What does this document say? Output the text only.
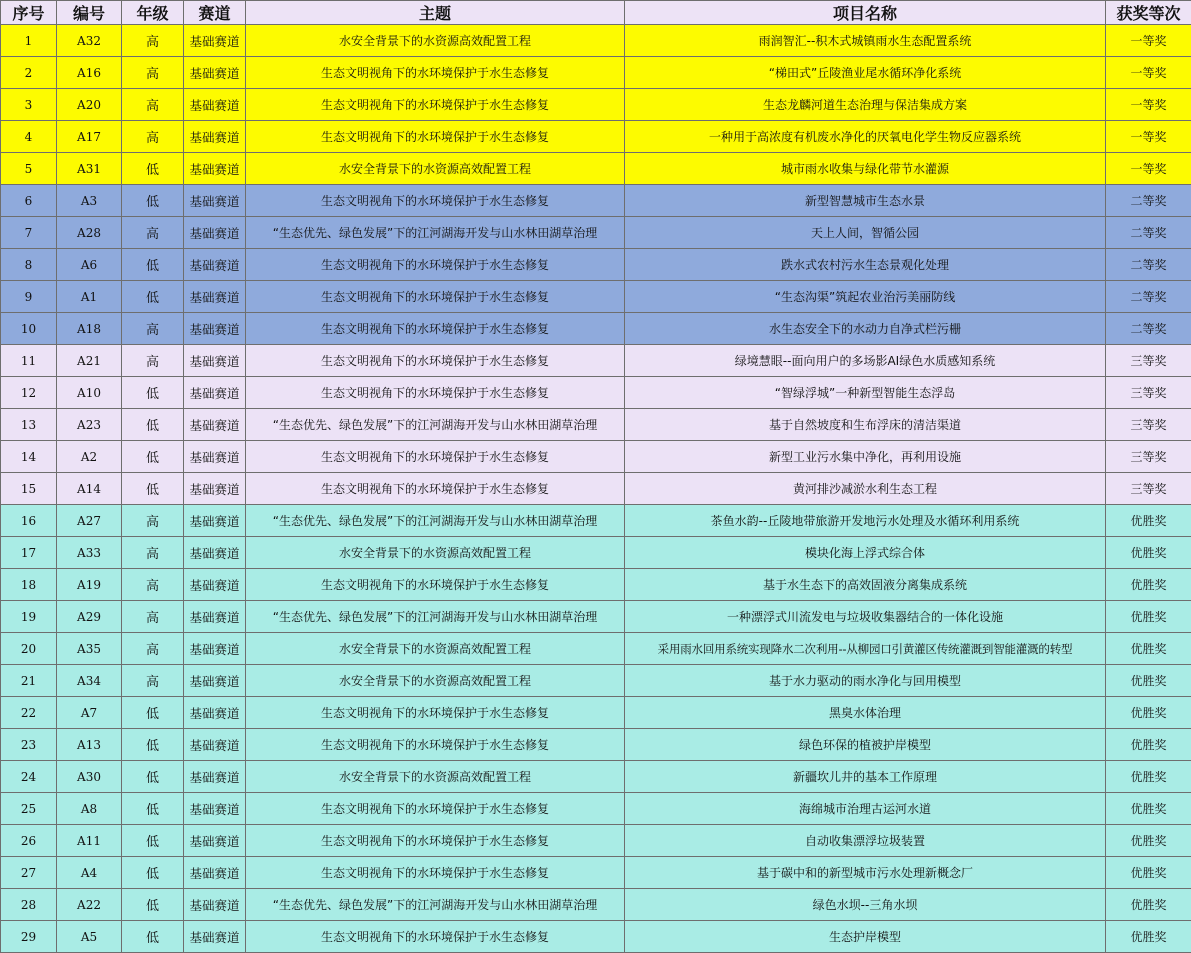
序号	编号	年级	赛道	主题	项目名称	获奖等次
1	A32	高	基础赛道	水安全背景下的水资源高效配置工程	雨润智汇--积木式城镇雨水生态配置系统	一等奖
2	A16	高	基础赛道	生态文明视角下的水环境保护于水生态修复	“梯田式”丘陵渔业尾水循环净化系统	一等奖
3	A20	高	基础赛道	生态文明视角下的水环境保护于水生态修复	生态龙麟河道生态治理与保洁集成方案	一等奖
4	A17	高	基础赛道	生态文明视角下的水环境保护于水生态修复	一种用于高浓度有机废水净化的厌氧电化学生物反应器系统	一等奖
5	A31	低	基础赛道	水安全背景下的水资源高效配置工程	城市雨水收集与绿化带节水灌源	一等奖
6	A3	低	基础赛道	生态文明视角下的水环境保护于水生态修复	新型智慧城市生态水景	二等奖
7	A28	高	基础赛道	“生态优先、绿色发展”下的江河湖海开发与山水林田湖草治理	天上人间，智循公园	二等奖
8	A6	低	基础赛道	生态文明视角下的水环境保护于水生态修复	跌水式农村污水生态景观化处理	二等奖
9	A1	低	基础赛道	生态文明视角下的水环境保护于水生态修复	“生态沟渠”筑起农业治污美丽防线	二等奖
10	A18	高	基础赛道	生态文明视角下的水环境保护于水生态修复	水生态安全下的水动力自净式栏污栅	二等奖
11	A21	高	基础赛道	生态文明视角下的水环境保护于水生态修复	绿境慧眼--面向用户的多场影AI绿色水质感知系统	三等奖
12	A10	低	基础赛道	生态文明视角下的水环境保护于水生态修复	“智绿浮城”一种新型智能生态浮岛	三等奖
13	A23	低	基础赛道	“生态优先、绿色发展”下的江河湖海开发与山水林田湖草治理	基于自然坡度和生布浮床的清洁渠道	三等奖
14	A2	低	基础赛道	生态文明视角下的水环境保护于水生态修复	新型工业污水集中净化，再利用设施	三等奖
15	A14	低	基础赛道	生态文明视角下的水环境保护于水生态修复	黄河排沙减淤水利生态工程	三等奖
16	A27	高	基础赛道	“生态优先、绿色发展”下的江河湖海开发与山水林田湖草治理	茶鱼水韵--丘陵地带旅游开发地污水处理及水循环利用系统	优胜奖
17	A33	高	基础赛道	水安全背景下的水资源高效配置工程	模块化海上浮式综合体	优胜奖
18	A19	高	基础赛道	生态文明视角下的水环境保护于水生态修复	基于水生态下的高效固液分离集成系统	优胜奖
19	A29	高	基础赛道	“生态优先、绿色发展”下的江河湖海开发与山水林田湖草治理	一种漂浮式川流发电与垃圾收集器结合的一体化设施	优胜奖
20	A35	高	基础赛道	水安全背景下的水资源高效配置工程	采用雨水回用系统实现降水二次利用--从柳园口引黄灌区传统灌溉到智能灌溉的转型	优胜奖
21	A34	高	基础赛道	水安全背景下的水资源高效配置工程	基于水力驱动的雨水净化与回用模型	优胜奖
22	A7	低	基础赛道	生态文明视角下的水环境保护于水生态修复	黑臭水体治理	优胜奖
23	A13	低	基础赛道	生态文明视角下的水环境保护于水生态修复	绿色环保的植被护岸模型	优胜奖
24	A30	低	基础赛道	水安全背景下的水资源高效配置工程	新疆坎儿井的基本工作原理	优胜奖
25	A8	低	基础赛道	生态文明视角下的水环境保护于水生态修复	海绵城市治理古运河水道	优胜奖
26	A11	低	基础赛道	生态文明视角下的水环境保护于水生态修复	自动收集漂浮垃圾装置	优胜奖
27	A4	低	基础赛道	生态文明视角下的水环境保护于水生态修复	基于碳中和的新型城市污水处理新概念厂	优胜奖
28	A22	低	基础赛道	“生态优先、绿色发展”下的江河湖海开发与山水林田湖草治理	绿色水坝--三角水坝	优胜奖
29	A5	低	基础赛道	生态文明视角下的水环境保护于水生态修复	生态护岸模型	优胜奖
